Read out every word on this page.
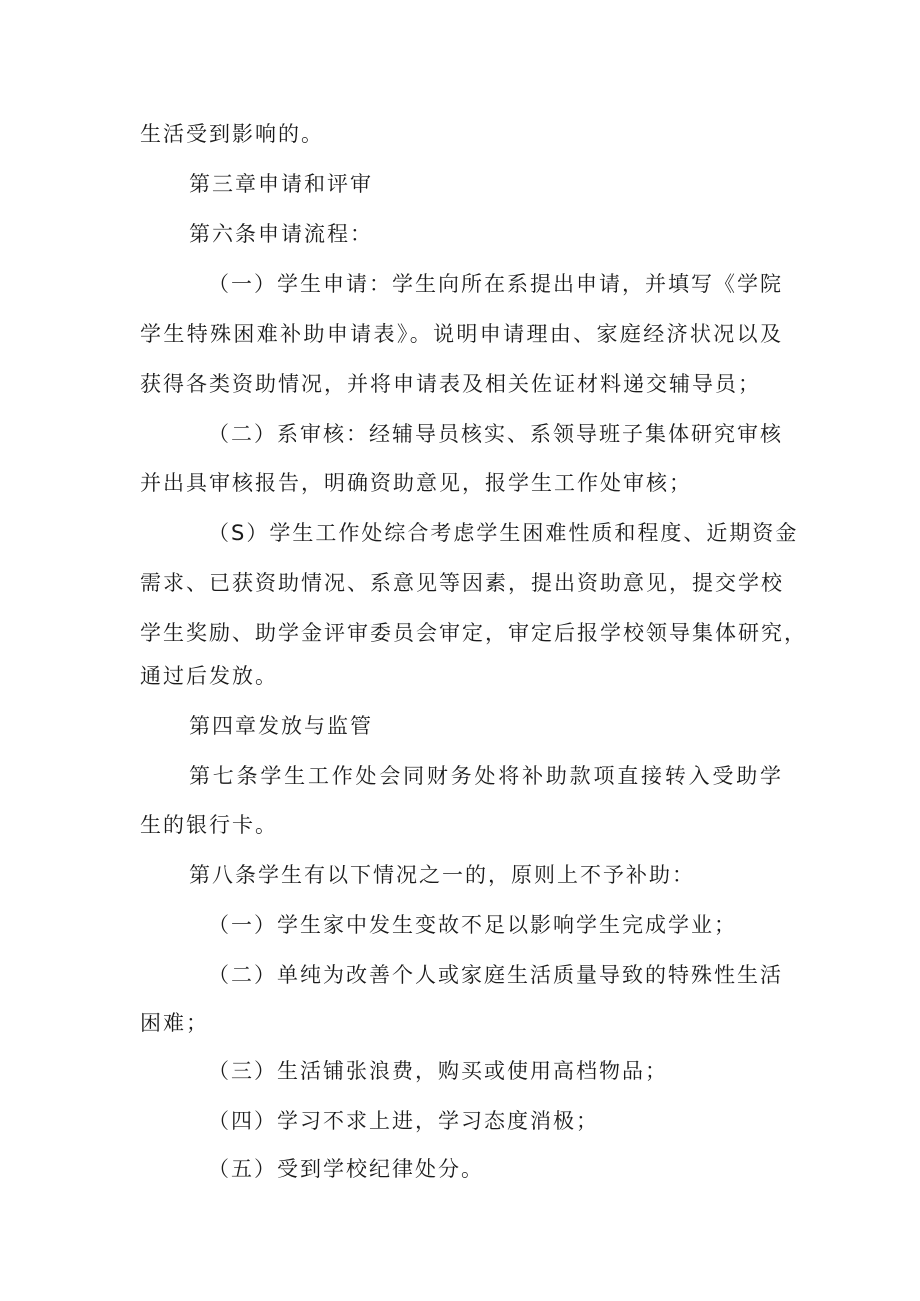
生活受到影响的。
第三章申请和评审
第六条申请流程：
（一）学生申请：学生向所在系提出申请，并填写《学院
学生特殊困难补助申请表》。说明申请理由、家庭经济状况以及
获得各类资助情况，并将申请表及相关佐证材料递交辅导员；
（二）系审核：经辅导员核实、系领导班子集体研究审核
并出具审核报告，明确资助意见，报学生工作处审核；
（S）学生工作处综合考虑学生困难性质和程度、近期资金
需求、已获资助情况、系意见等因素，提出资助意见，提交学校
学生奖励、助学金评审委员会审定，审定后报学校领导集体研究，
通过后发放。
第四章发放与监管
第七条学生工作处会同财务处将补助款项直接转入受助学
生的银行卡。
第八条学生有以下情况之一的，原则上不予补助：
（一）学生家中发生变故不足以影响学生完成学业；
（二）单纯为改善个人或家庭生活质量导致的特殊性生活
困难；
（三）生活铺张浪费，购买或使用高档物品；
（四）学习不求上进，学习态度消极；
（五）受到学校纪律处分。
